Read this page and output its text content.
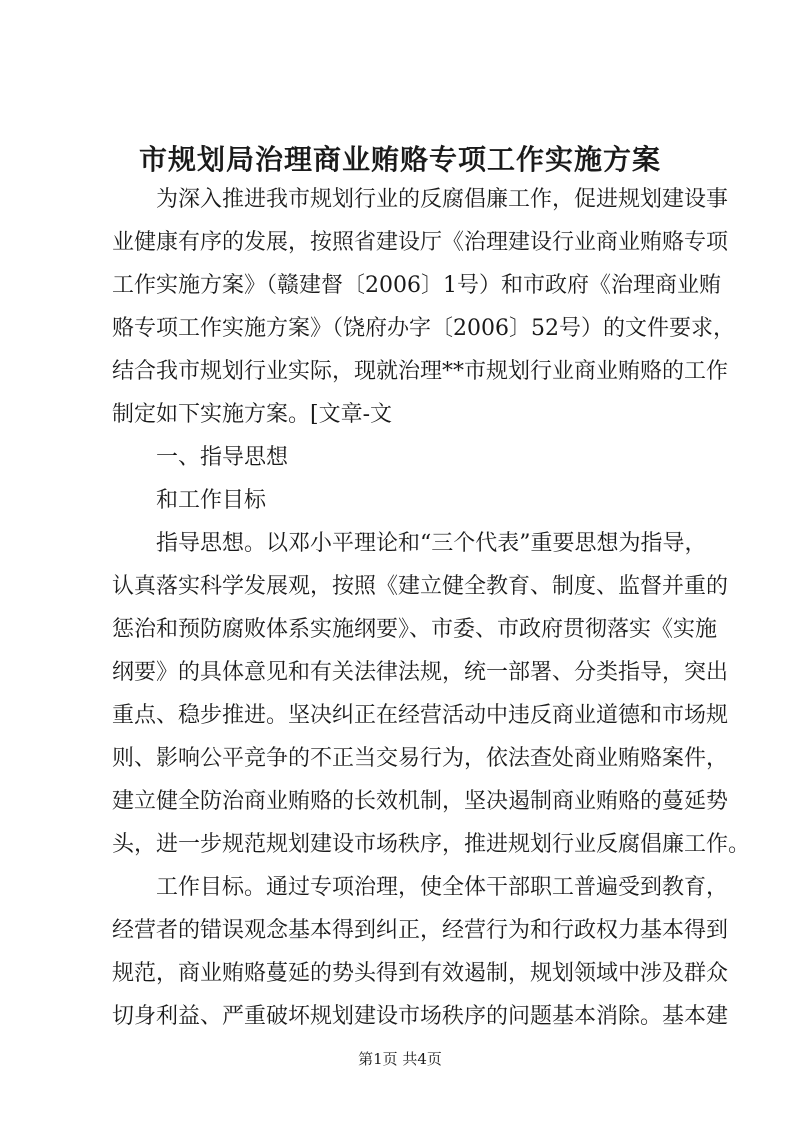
市规划局治理商业贿赂专项工作实施方案

　　为深入推进我市规划行业的反腐倡廉工作，促进规划建设事

业健康有序的发展，按照省建设厅《治理建设行业商业贿赂专项

工作实施方案》（赣建督〔2006〕1号）和市政府《治理商业贿

赂专项工作实施方案》（饶府办字〔2006〕52号）的文件要求，

结合我市规划行业实际，现就治理**市规划行业商业贿赂的工作

制定如下实施方案。[文章-文

　　一、指导思想

　　和工作目标

　　指导思想。以邓小平理论和“三个代表”重要思想为指导，

认真落实科学发展观，按照《建立健全教育、制度、监督并重的

惩治和预防腐败体系实施纲要》、市委、市政府贯彻落实《实施

纲要》的具体意见和有关法律法规，统一部署、分类指导，突出

重点、稳步推进。坚决纠正在经营活动中违反商业道德和市场规

则、影响公平竞争的不正当交易行为，依法查处商业贿赂案件，

建立健全防治商业贿赂的长效机制，坚决遏制商业贿赂的蔓延势

头，进一步规范规划建设市场秩序，推进规划行业反腐倡廉工作。

　　工作目标。通过专项治理，使全体干部职工普遍受到教育，

经营者的错误观念基本得到纠正，经营行为和行政权力基本得到

规范，商业贿赂蔓延的势头得到有效遏制，规划领域中涉及群众

切身利益、严重破坏规划建设市场秩序的问题基本消除。基本建

第1页 共4页
